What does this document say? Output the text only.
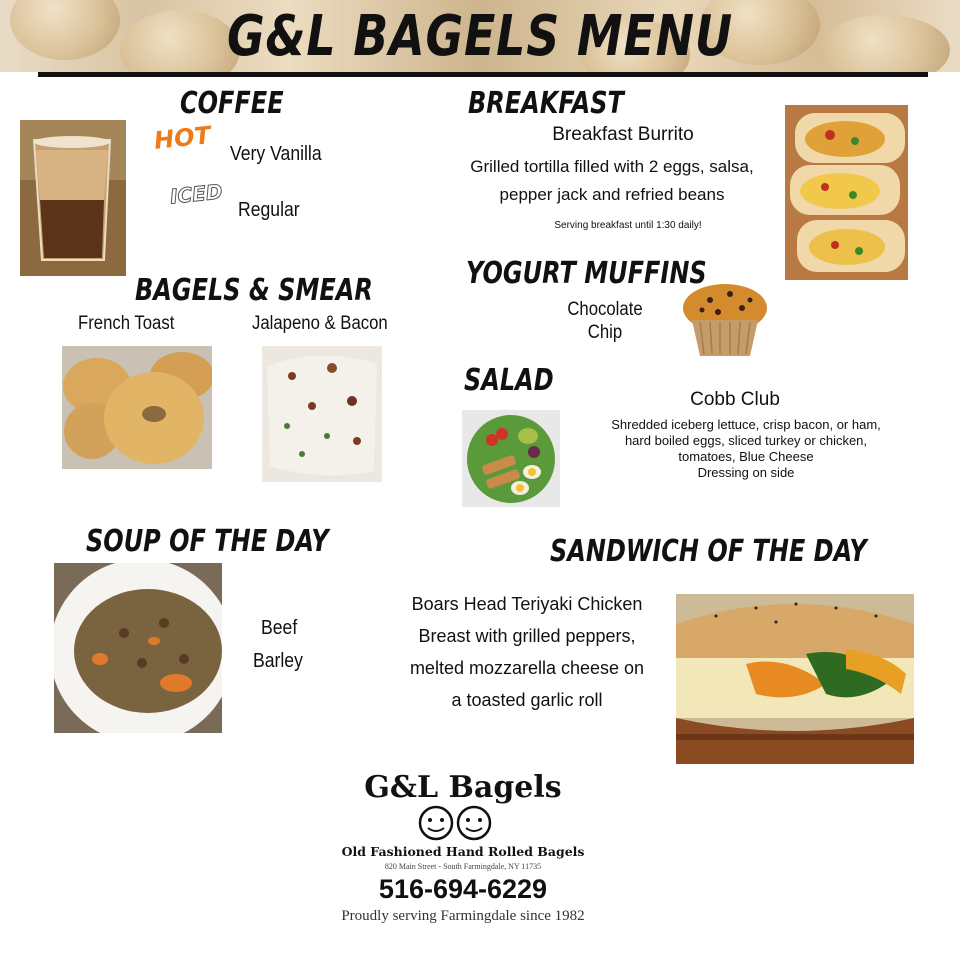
G&L BAGELS MENU
COFFEE
HOT Very Vanilla
ICED
Regular
BREAKFAST
Breakfast Burrito
Grilled tortilla filled with 2 eggs, salsa,
pepper jack and refried beans
Serving breakfast until 1:30 daily!
BAGELS & SMEAR
French Toast	Jalapeno & Bacon
YOGURT MUFFINS
Chocolate
Chip
SALAD
Cobb Club
Shredded iceberg lettuce, crisp bacon, or ham,
hard boiled eggs, sliced turkey or chicken,
tomatoes, Blue Cheese
Dressing on side
SOUP OF THE DAY
Beef
Barley
SANDWICH OF THE DAY
Boars Head Teriyaki Chicken
Breast with grilled peppers,
melted mozzarella cheese on
a toasted garlic roll
G&L Bagels
Old Fashioned Hand Rolled Bagels
820 Main Street - South Farmingdale, NY 11735
516-694-6229
Proudly serving Farmingdale since 1982
